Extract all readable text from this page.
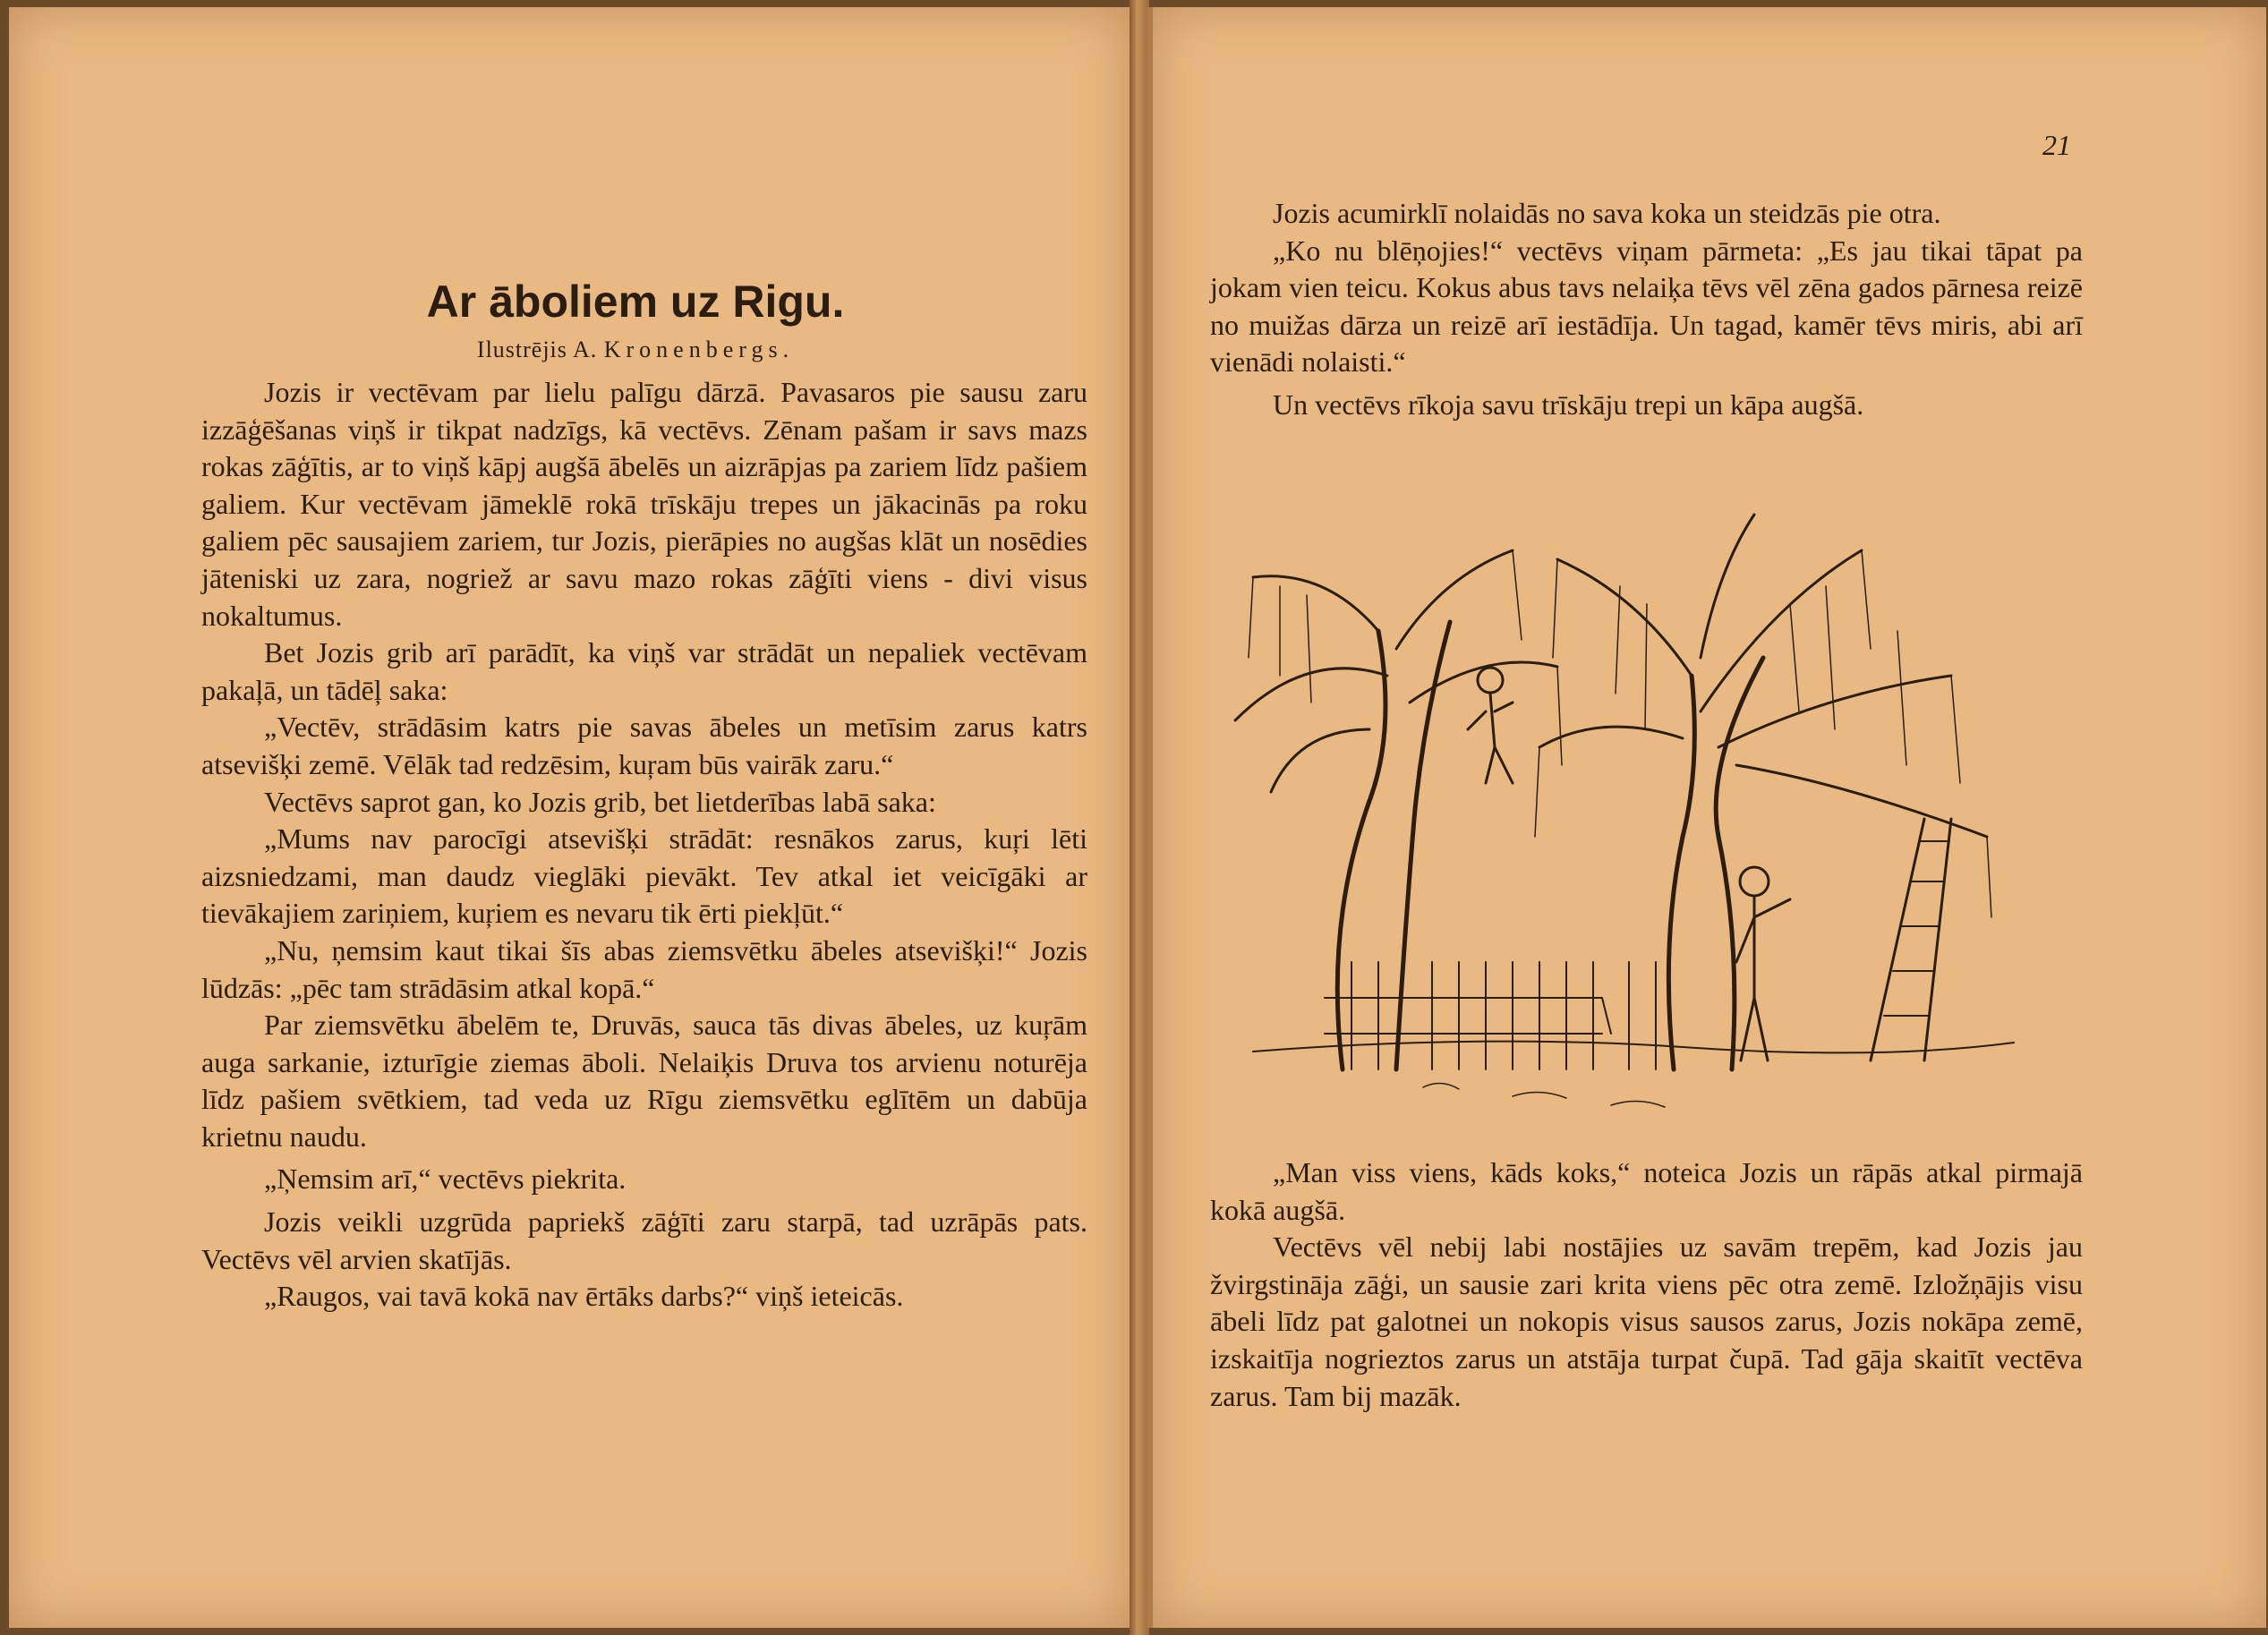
Ar āboliem uz Rigu.
Ilustrējis A. Kronenbergs.

Jozis ir vectēvam par lielu palīgu dārzā. Pavasaros pie sausu zaru izzāģēšanas viņš ir tikpat nadzīgs, kā vectēvs. Zēnam pašam ir savs mazs rokas zāģītis, ar to viņš kāpj augšā ābelēs un aizrāpjas pa zariem līdz pašiem galiem. Kur vectēvam jāmeklē rokā trīskāju trepes un jākacinās pa roku galiem pēc sausajiem zariem, tur Jozis, pierāpies no augšas klāt un nosēdies jāteniski uz zara, nogriež ar savu mazo rokas zāģīti viens - divi visus nokaltumus.

Bet Jozis grib arī parādīt, ka viņš var strādāt un nepaliek vectēvam pakaļā, un tādēļ saka:

„Vectēv, strādāsim katrs pie savas ābeles un metīsim zarus katrs atsevišķi zemē. Vēlāk tad redzēsim, kuŗam būs vairāk zaru.“

Vectēvs saprot gan, ko Jozis grib, bet lietderības labā saka:

„Mums nav parocīgi atsevišķi strādāt: resnākos zarus, kuŗi lēti aizsniedzami, man daudz vieglāki pievākt. Tev atkal iet veicīgāki ar tievākajiem zariņiem, kuŗiem es nevaru tik ērti piekļūt.“

„Nu, ņemsim kaut tikai šīs abas ziemsvētku ābeles atsevišķi!“ Jozis lūdzās: „pēc tam strādāsim atkal kopā.“

Par ziemsvētku ābelēm te, Druvās, sauca tās divas ābeles, uz kuŗām auga sarkanie, izturīgie ziemas āboli. Nelaiķis Druva tos arvienu noturēja līdz pašiem svētkiem, tad veda uz Rīgu ziemsvētku eglītēm un dabūja krietnu naudu.

„Ņemsim arī,“ vectēvs piekrita.

Jozis veikli uzgrūda papriekš zāģīti zaru starpā, tad uzrāpās pats. Vectēvs vēl arvien skatījās.

„Raugos, vai tavā kokā nav ērtāks darbs?“ viņš ieteicās.

21

Jozis acumirklī nolaidās no sava koka un steidzās pie otra.

„Ko nu blēņojies!“ vectēvs viņam pārmeta: „Es jau tikai tāpat pa jokam vien teicu. Kokus abus tavs nelaiķa tēvs vēl zēna gados pārnesa reizē no muižas dārza un reizē arī iestādīja. Un tagad, kamēr tēvs miris, abi arī vienādi nolaisti.“

Un vectēvs rīkoja savu trīskāju trepi un kāpa augšā.

„Man viss viens, kāds koks,“ noteica Jozis un rāpās atkal pirmajā kokā augšā.

Vectēvs vēl nebij labi nostājies uz savām trepēm, kad Jozis jau žvirgstināja zāģi, un sausie zari krita viens pēc otra zemē. Izložņājis visu ābeli līdz pat galotnei un nokopis visus sausos zarus, Jozis nokāpa zemē, izskaitīja nogrieztos zarus un atstāja turpat čupā. Tad gāja skaitīt vectēva zarus. Tam bij mazāk.
